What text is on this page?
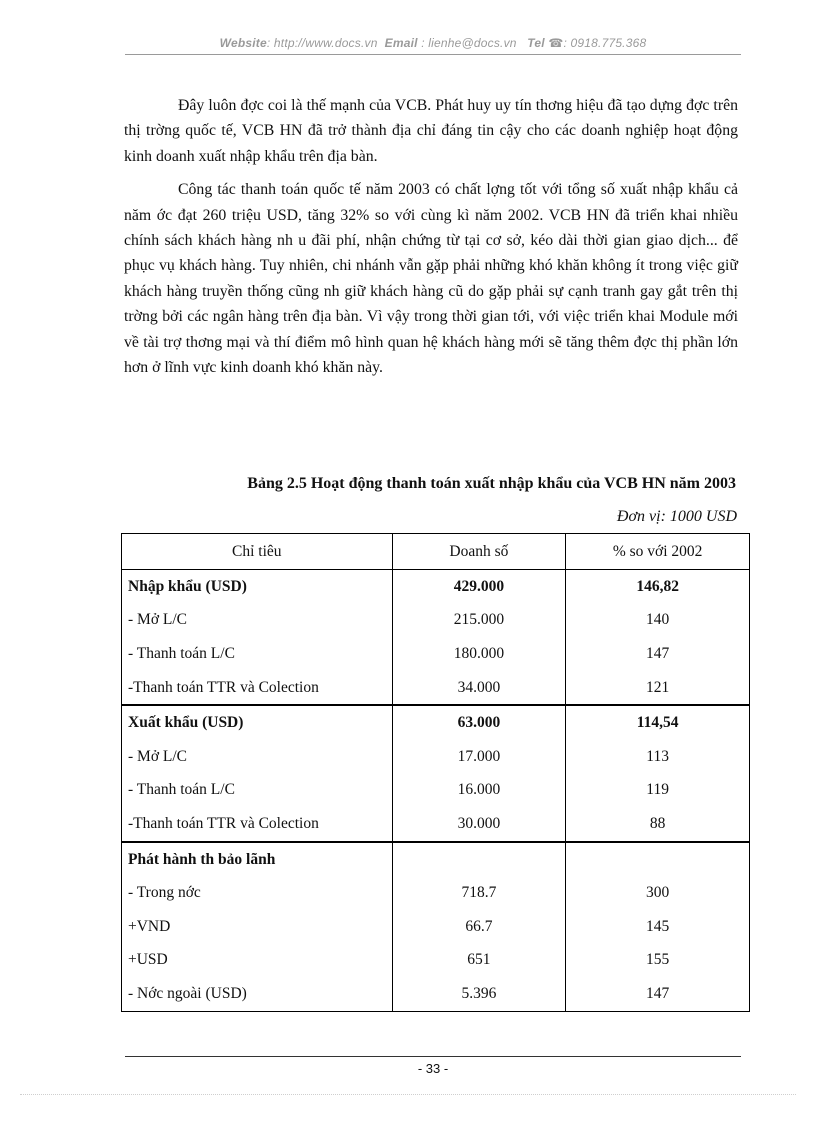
Website: http://www.docs.vn Email : lienhe@docs.vn Tel ☎: 0918.775.368

Đây luôn đợc coi là thế mạnh của VCB. Phát huy uy tín thơng hiệu đã tạo dựng đợc trên thị trờng quốc tế, VCB HN đã trở thành địa chỉ đáng tin cậy cho các doanh nghiệp hoạt động kinh doanh xuất nhập khẩu trên địa bàn.

Công tác thanh toán quốc tế năm 2003 có chất lợng tốt với tổng số xuất nhập khẩu cả năm ớc đạt 260 triệu USD, tăng 32% so với cùng kì năm 2002. VCB HN đã triển khai nhiều chính sách khách hàng nh u đãi phí, nhận chứng từ tại cơ sở, kéo dài thời gian giao dịch... để phục vụ khách hàng. Tuy nhiên, chi nhánh vẫn gặp phải những khó khăn không ít trong việc giữ khách hàng truyền thống cũng nh giữ khách hàng cũ do gặp phải sự cạnh tranh gay gắt trên thị trờng bởi các ngân hàng trên địa bàn. Vì vậy trong thời gian tới, với việc triển khai Module mới về tài trợ thơng mại và thí điểm mô hình quan hệ khách hàng mới sẽ tăng thêm đợc thị phần lớn hơn ở lĩnh vực kinh doanh khó khăn này.

Bảng 2.5 Hoạt động thanh toán xuất nhập khẩu của VCB HN năm 2003
Đơn vị: 1000 USD
Chỉ tiêu	Doanh số	% so với 2002
Nhập khẩu (USD)	429.000	146,82
- Mở L/C	215.000	140
- Thanh toán L/C	180.000	147
-Thanh toán TTR và Colection	34.000	121
Xuất khẩu (USD)	63.000	114,54
- Mở L/C	17.000	113
- Thanh toán L/C	16.000	119
-Thanh toán TTR và Colection	30.000	88
Phát hành th bảo lãnh		
- Trong nớc	718.7	300
+VND	66.7	145
+USD	651	155
- Nớc ngoài (USD)	5.396	147
- 33 -
